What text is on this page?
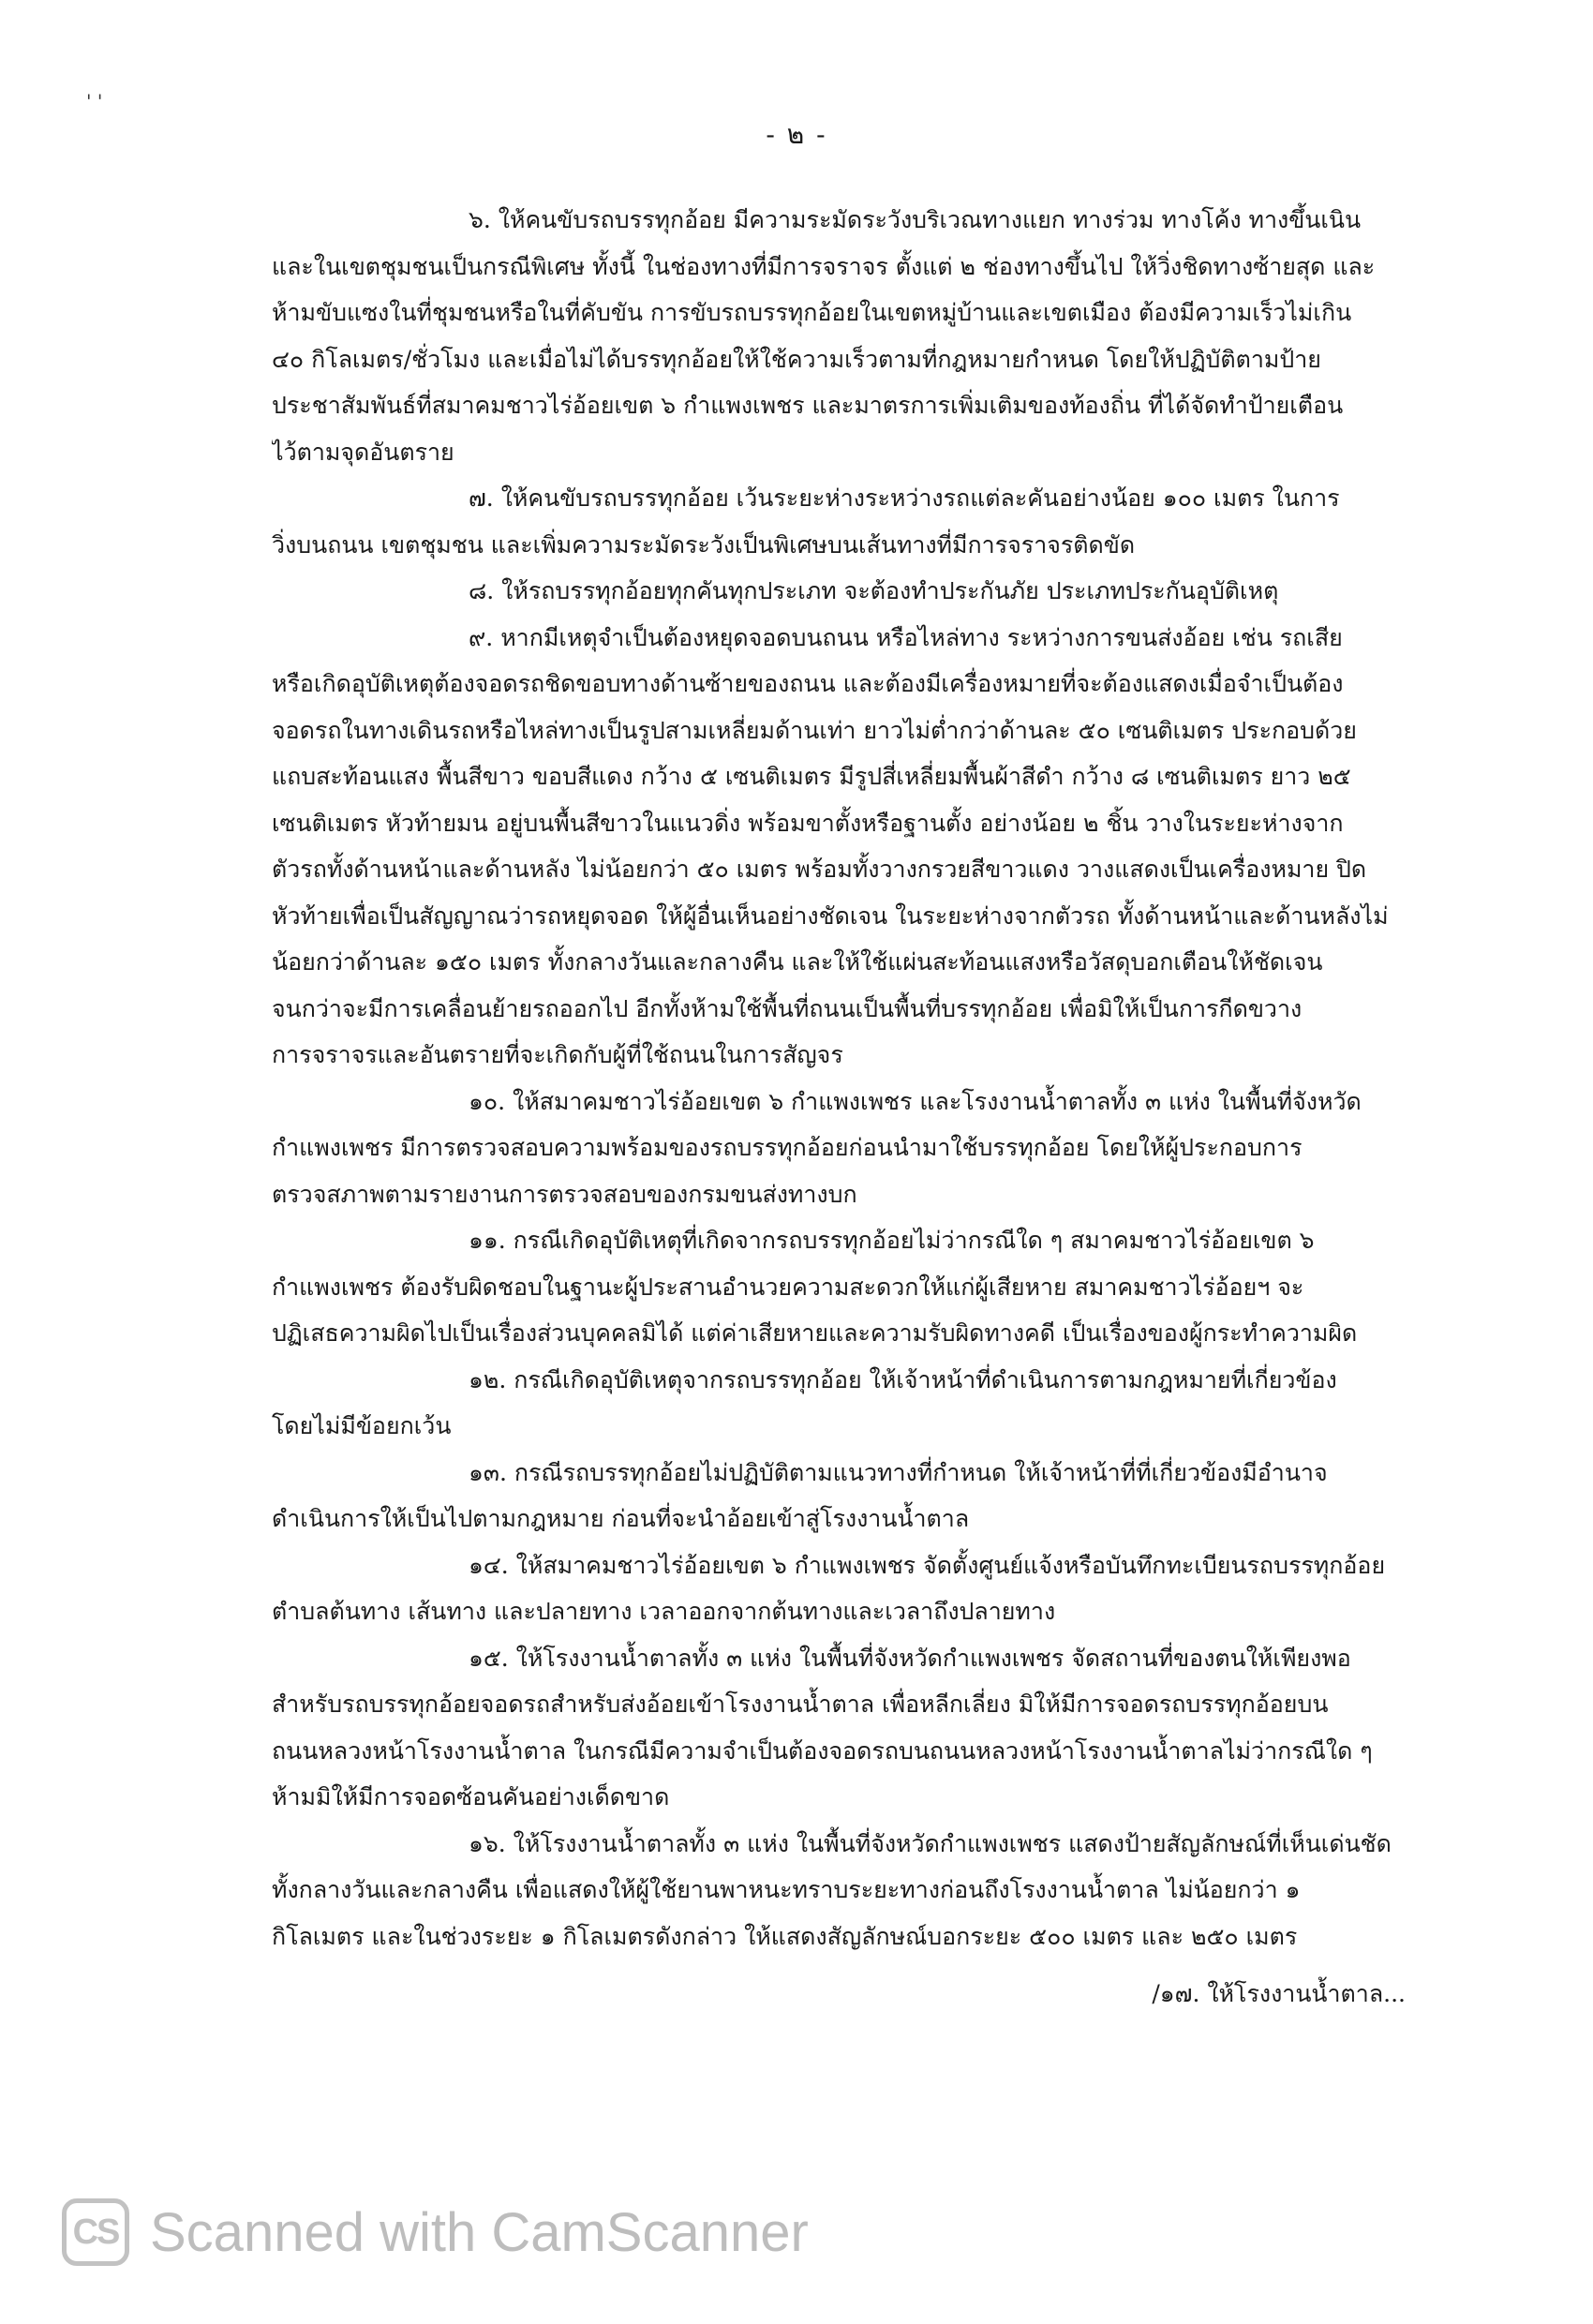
' '
- ๒ -
๖. ให้คนขับรถบรรทุกอ้อย มีความระมัดระวังบริเวณทางแยก ทางร่วม ทางโค้ง ทางขึ้นเนิน
และในเขตชุมชนเป็นกรณีพิเศษ ทั้งนี้ ในช่องทางที่มีการจราจร ตั้งแต่ ๒ ช่องทางขึ้นไป ให้วิ่งชิดทางซ้ายสุด และ
ห้ามขับแซงในที่ชุมชนหรือในที่คับขัน การขับรถบรรทุกอ้อยในเขตหมู่บ้านและเขตเมือง ต้องมีความเร็วไม่เกิน
๔๐ กิโลเมตร/ชั่วโมง และเมื่อไม่ได้บรรทุกอ้อยให้ใช้ความเร็วตามที่กฎหมายกำหนด โดยให้ปฏิบัติตามป้าย
ประชาสัมพันธ์ที่สมาคมชาวไร่อ้อยเขต ๖ กำแพงเพชร และมาตรการเพิ่มเติมของท้องถิ่น ที่ได้จัดทำป้ายเตือน
ไว้ตามจุดอันตราย
๗. ให้คนขับรถบรรทุกอ้อย เว้นระยะห่างระหว่างรถแต่ละคันอย่างน้อย ๑๐๐ เมตร ในการ
วิ่งบนถนน เขตชุมชน และเพิ่มความระมัดระวังเป็นพิเศษบนเส้นทางที่มีการจราจรติดขัด
๘. ให้รถบรรทุกอ้อยทุกคันทุกประเภท จะต้องทำประกันภัย ประเภทประกันอุบัติเหตุ
๙. หากมีเหตุจำเป็นต้องหยุดจอดบนถนน หรือไหล่ทาง ระหว่างการขนส่งอ้อย เช่น รถเสีย
หรือเกิดอุบัติเหตุต้องจอดรถชิดขอบทางด้านซ้ายของถนน และต้องมีเครื่องหมายที่จะต้องแสดงเมื่อจำเป็นต้อง
จอดรถในทางเดินรถหรือไหล่ทางเป็นรูปสามเหลี่ยมด้านเท่า ยาวไม่ต่ำกว่าด้านละ ๕๐ เซนติเมตร ประกอบด้วย
แถบสะท้อนแสง พื้นสีขาว ขอบสีแดง กว้าง ๕ เซนติเมตร มีรูปสี่เหลี่ยมพื้นผ้าสีดำ กว้าง ๘ เซนติเมตร ยาว ๒๕
เซนติเมตร หัวท้ายมน อยู่บนพื้นสีขาวในแนวดิ่ง พร้อมขาตั้งหรือฐานตั้ง อย่างน้อย ๒ ชิ้น วางในระยะห่างจาก
ตัวรถทั้งด้านหน้าและด้านหลัง ไม่น้อยกว่า ๕๐ เมตร พร้อมทั้งวางกรวยสีขาวแดง วางแสดงเป็นเครื่องหมาย ปิด
หัวท้ายเพื่อเป็นสัญญาณว่ารถหยุดจอด ให้ผู้อื่นเห็นอย่างชัดเจน ในระยะห่างจากตัวรถ ทั้งด้านหน้าและด้านหลังไม่
น้อยกว่าด้านละ ๑๕๐ เมตร ทั้งกลางวันและกลางคืน และให้ใช้แผ่นสะท้อนแสงหรือวัสดุบอกเตือนให้ชัดเจน
จนกว่าจะมีการเคลื่อนย้ายรถออกไป อีกทั้งห้ามใช้พื้นที่ถนนเป็นพื้นที่บรรทุกอ้อย เพื่อมิให้เป็นการกีดขวาง
การจราจรและอันตรายที่จะเกิดกับผู้ที่ใช้ถนนในการสัญจร
๑๐. ให้สมาคมชาวไร่อ้อยเขต ๖ กำแพงเพชร และโรงงานน้ำตาลทั้ง ๓ แห่ง ในพื้นที่จังหวัด
กำแพงเพชร มีการตรวจสอบความพร้อมของรถบรรทุกอ้อยก่อนนำมาใช้บรรทุกอ้อย โดยให้ผู้ประกอบการ
ตรวจสภาพตามรายงานการตรวจสอบของกรมขนส่งทางบก
๑๑. กรณีเกิดอุบัติเหตุที่เกิดจากรถบรรทุกอ้อยไม่ว่ากรณีใด ๆ สมาคมชาวไร่อ้อยเขต ๖
กำแพงเพชร ต้องรับผิดชอบในฐานะผู้ประสานอำนวยความสะดวกให้แก่ผู้เสียหาย สมาคมชาวไร่อ้อยฯ จะ
ปฏิเสธความผิดไปเป็นเรื่องส่วนบุคคลมิได้ แต่ค่าเสียหายและความรับผิดทางคดี เป็นเรื่องของผู้กระทำความผิด
๑๒. กรณีเกิดอุบัติเหตุจากรถบรรทุกอ้อย ให้เจ้าหน้าที่ดำเนินการตามกฎหมายที่เกี่ยวข้อง
โดยไม่มีข้อยกเว้น
๑๓. กรณีรถบรรทุกอ้อยไม่ปฏิบัติตามแนวทางที่กำหนด ให้เจ้าหน้าที่ที่เกี่ยวข้องมีอำนาจ
ดำเนินการให้เป็นไปตามกฎหมาย ก่อนที่จะนำอ้อยเข้าสู่โรงงานน้ำตาล
๑๔. ให้สมาคมชาวไร่อ้อยเขต ๖ กำแพงเพชร จัดตั้งศูนย์แจ้งหรือบันทึกทะเบียนรถบรรทุกอ้อย
ตำบลต้นทาง เส้นทาง และปลายทาง เวลาออกจากต้นทางและเวลาถึงปลายทาง
๑๕. ให้โรงงานน้ำตาลทั้ง ๓ แห่ง ในพื้นที่จังหวัดกำแพงเพชร จัดสถานที่ของตนให้เพียงพอ
สำหรับรถบรรทุกอ้อยจอดรถสำหรับส่งอ้อยเข้าโรงงานน้ำตาล เพื่อหลีกเลี่ยง มิให้มีการจอดรถบรรทุกอ้อยบน
ถนนหลวงหน้าโรงงานน้ำตาล ในกรณีมีความจำเป็นต้องจอดรถบนถนนหลวงหน้าโรงงานน้ำตาลไม่ว่ากรณีใด ๆ
ห้ามมิให้มีการจอดซ้อนคันอย่างเด็ดขาด
๑๖. ให้โรงงานน้ำตาลทั้ง ๓ แห่ง ในพื้นที่จังหวัดกำแพงเพชร แสดงป้ายสัญลักษณ์ที่เห็นเด่นชัด
ทั้งกลางวันและกลางคืน เพื่อแสดงให้ผู้ใช้ยานพาหนะทราบระยะทางก่อนถึงโรงงานน้ำตาล ไม่น้อยกว่า ๑
กิโลเมตร และในช่วงระยะ ๑ กิโลเมตรดังกล่าว ให้แสดงสัญลักษณ์บอกระยะ ๕๐๐ เมตร และ ๒๕๐ เมตร
/๑๗. ให้โรงงานน้ำตาล...
CS Scanned with CamScanner
